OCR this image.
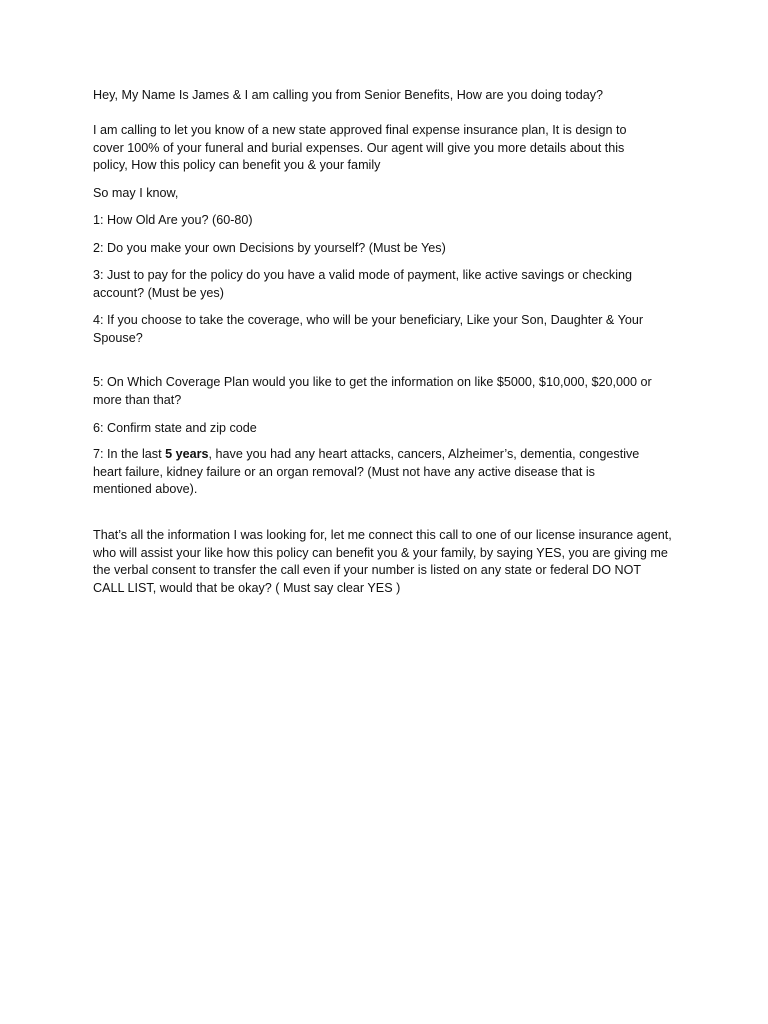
Hey, My Name Is James & I am calling you from Senior Benefits, How are you doing today?

I am calling to let you know of a new state approved final expense insurance plan, It is design to cover 100% of your funeral and burial expenses. Our agent will give you more details about this policy, How this policy can benefit you & your family

So may I know,

1: How Old Are you? (60-80)

2: Do you make your own Decisions by yourself? (Must be Yes)

3: Just to pay for the policy do you have a valid mode of payment, like active savings or checking account? (Must be yes)

4: If you choose to take the coverage, who will be your beneficiary, Like your Son, Daughter & Your Spouse?

5: On Which Coverage Plan would you like to get the information on like $5000, $10,000, $20,000 or more than that?

6: Confirm state and zip code

7: In the last 5 years, have you had any heart attacks, cancers, Alzheimer’s, dementia, congestive heart failure, kidney failure or an organ removal? (Must not have any active disease that is mentioned above).

That’s all the information I was looking for, let me connect this call to one of our license insurance agent, who will assist your like how this policy can benefit you & your family, by saying YES, you are giving me the verbal consent to transfer the call even if your number is listed on any state or federal DO NOT CALL LIST, would that be okay? ( Must say clear YES )
